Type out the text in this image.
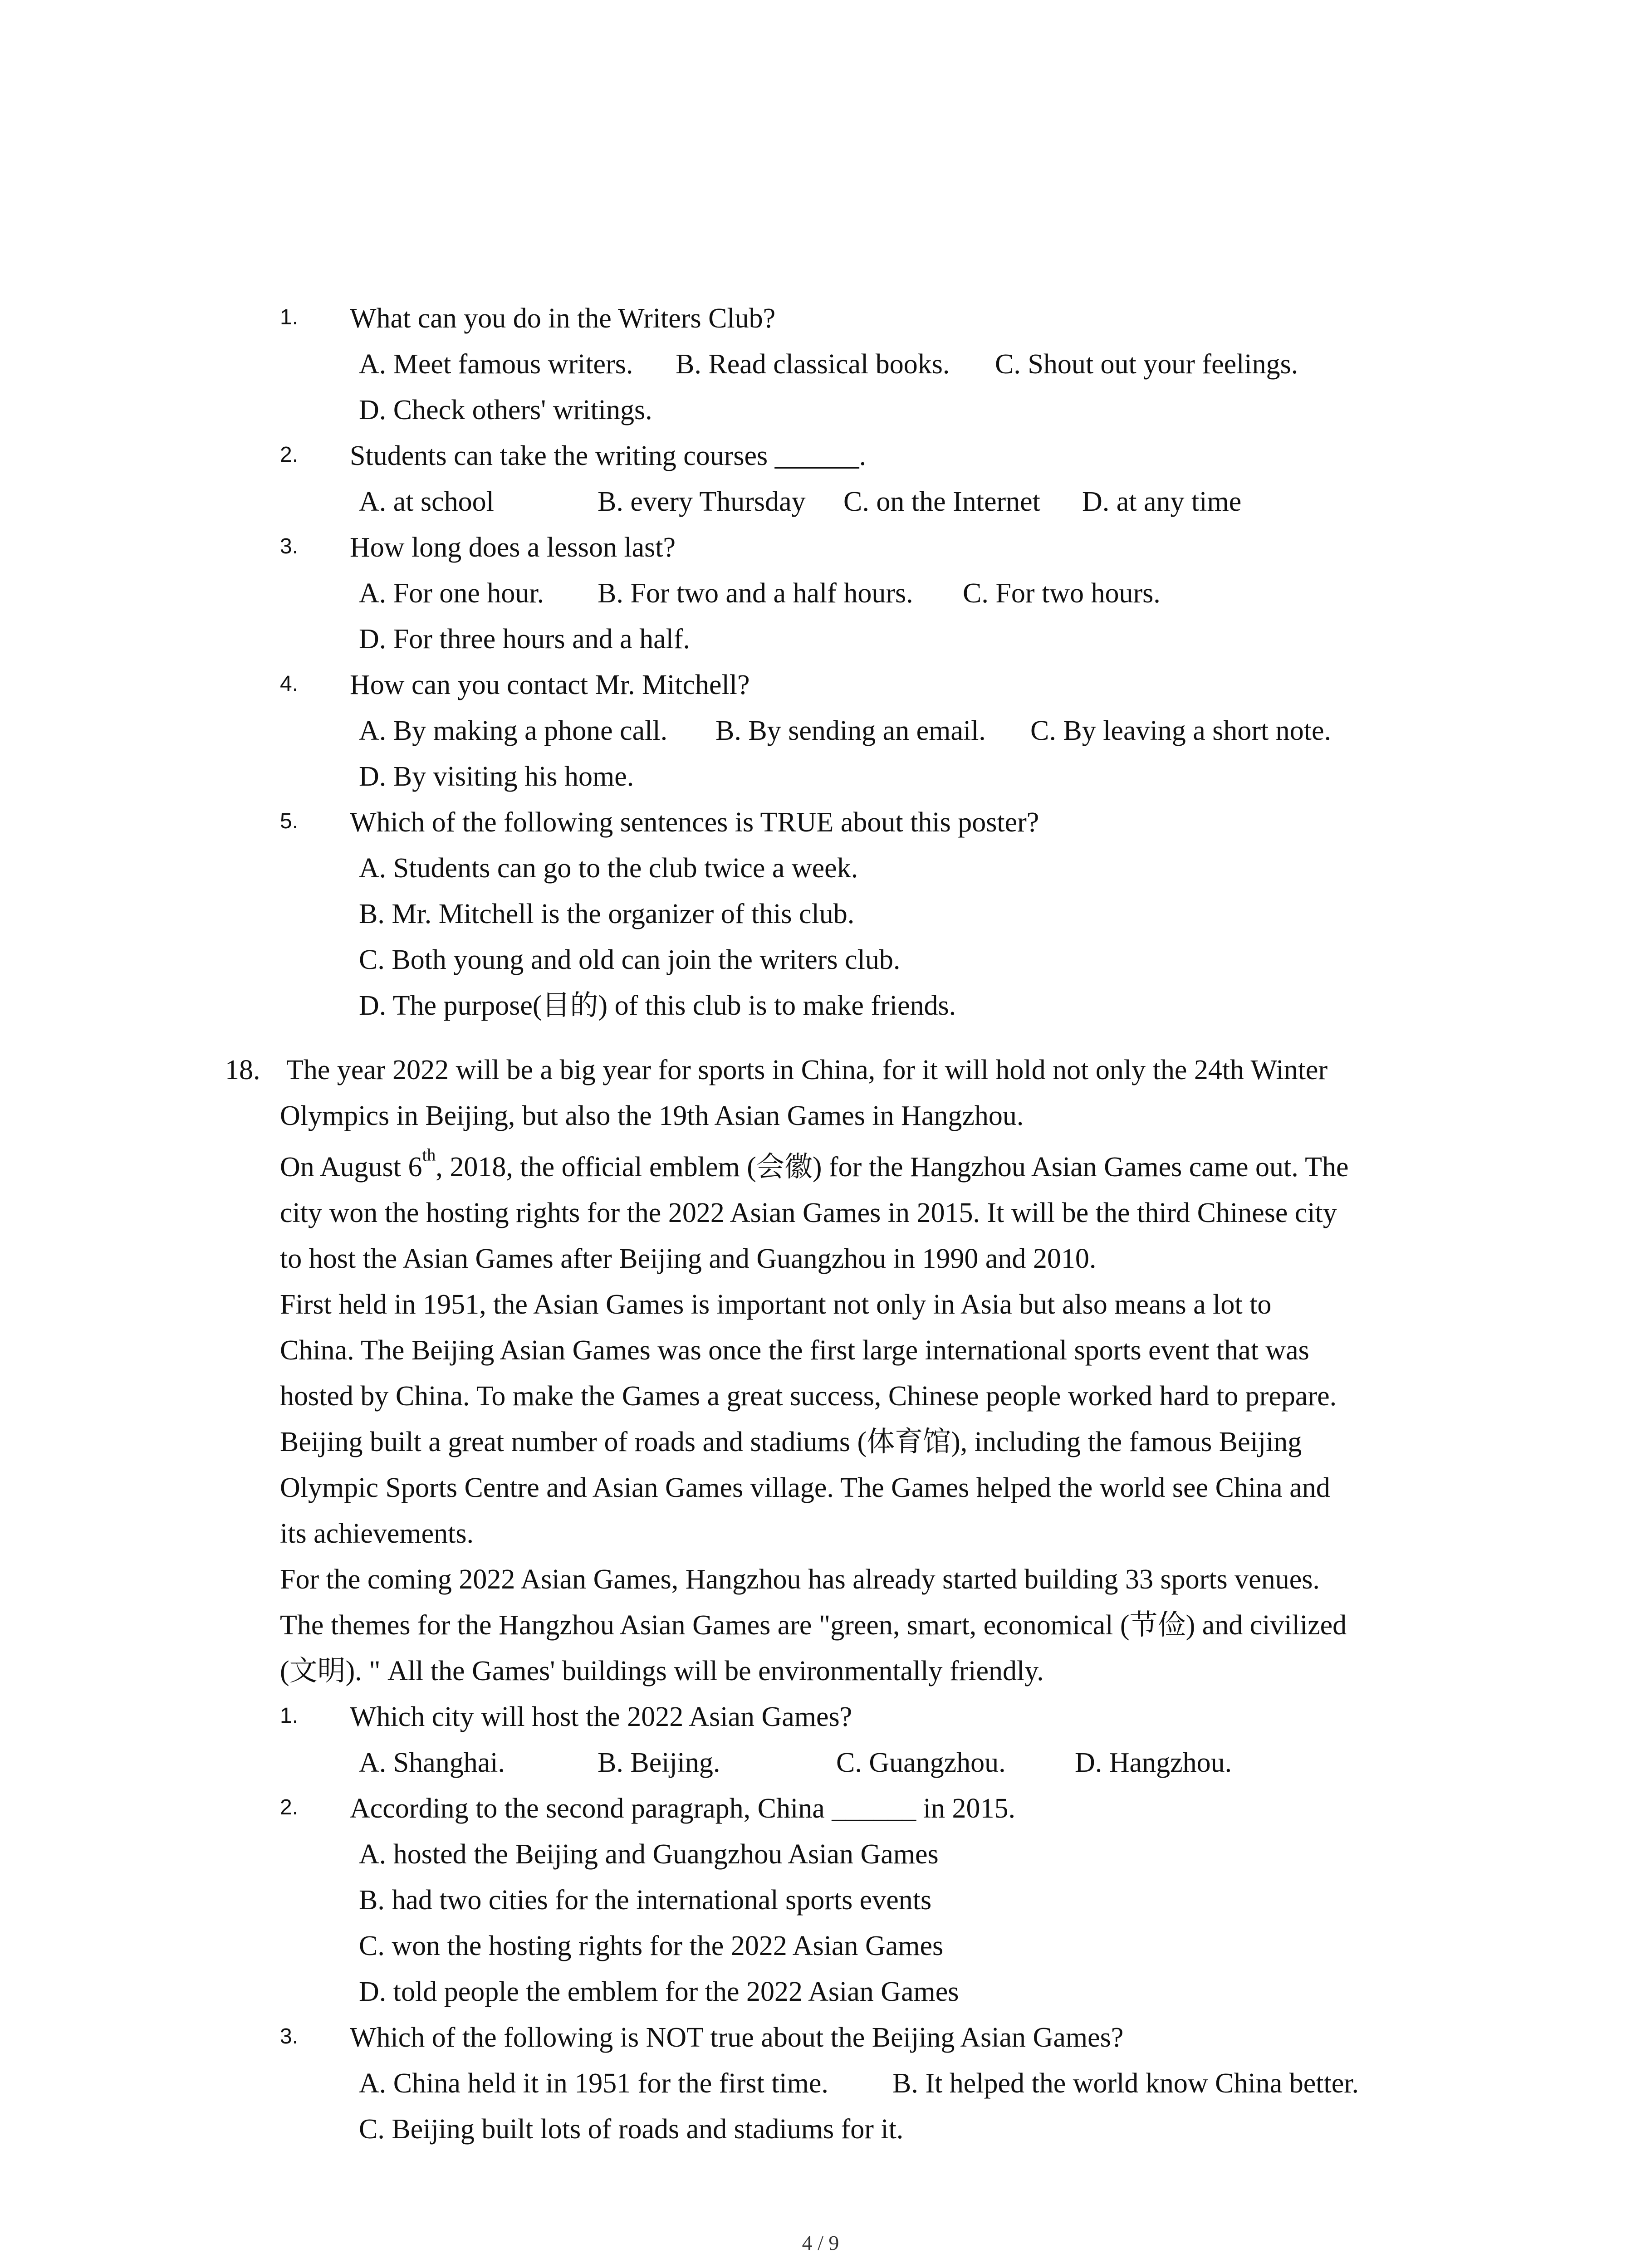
1. What can you do in the Writers Club?
A. Meet famous writers. B. Read classical books. C. Shout out your feelings.
D. Check others' writings.
2. Students can take the writing courses ______.
A. at school	B. every Thursday C. on the Internet D. at any time
3. How long does a lesson last?
A. For one hour. B. For two and a half hours. C. For two hours.
D. For three hours and a half.
4. How can you contact Mr. Mitchell?
A. By making a phone call. B. By sending an email. C. By leaving a short note.
D. By visiting his home.
5. Which of the following sentences is TRUE about this poster?
A. Students can go to the club twice a week.
B. Mr. Mitchell is the organizer of this club.
C. Both young and old can join the writers club.
D. The purpose(目的) of this club is to make friends.
18. The year 2022 will be a big year for sports in China, for it will hold not only the 24th Winter
Olympics in Beijing, but also the 19th Asian Games in Hangzhou.
On August 6th, 2018, the official emblem (会徽) for the Hangzhou Asian Games came out. The
city won the hosting rights for the 2022 Asian Games in 2015. It will be the third Chinese city
to host the Asian Games after Beijing and Guangzhou in 1990 and 2010.
First held in 1951, the Asian Games is important not only in Asia but also means a lot to
China. The Beijing Asian Games was once the first large international sports event that was
hosted by China. To make the Games a great success, Chinese people worked hard to prepare.
Beijing built a great number of roads and stadiums (体育馆), including the famous Beijing
Olympic Sports Centre and Asian Games village. The Games helped the world see China and
its achievements.
For the coming 2022 Asian Games, Hangzhou has already started building 33 sports venues.
The themes for the Hangzhou Asian Games are "green, smart, economical (节俭) and civilized
(文明). " All the Games' buildings will be environmentally friendly.
1. Which city will host the 2022 Asian Games?
A. Shanghai.	B. Beijing.	C. Guangzhou. D. Hangzhou.
2. According to the second paragraph, China ______ in 2015.
A. hosted the Beijing and Guangzhou Asian Games
B. had two cities for the international sports events
C. won the hosting rights for the 2022 Asian Games
D. told people the emblem for the 2022 Asian Games
3. Which of the following is NOT true about the Beijing Asian Games?
A. China held it in 1951 for the first time. B. It helped the world know China better.
C. Beijing built lots of roads and stadiums for it.
4 / 9
